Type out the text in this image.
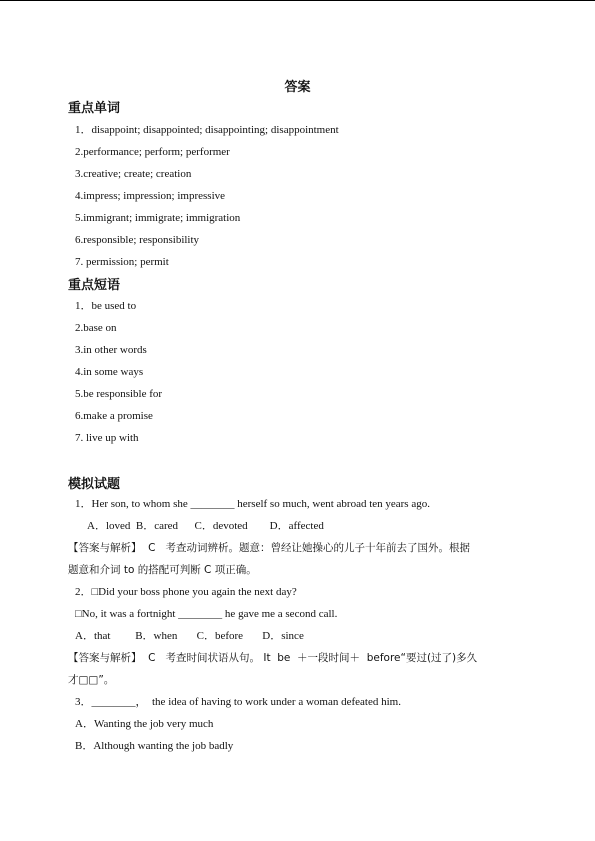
答案
重点单词
1．disappoint; disappointed; disappointing; disappointment
2.performance; perform; performer
3.creative; create; creation
4.impress; impression; impressive
5.immigrant; immigrate; immigration
6.responsible; responsibility
7. permission; permit
重点短语
1．be used to
2.base on
3.in other words
4.in some ways
5.be responsible for
6.make a promise
7. live up with
模拟试题
1．Her son, to whom she ________ herself so much, went abroad ten years ago.
A．loved  B．cared      C．devoted        D．affected
【答案与解析】  C   考查动词辨析。题意：曾经让她操心的儿子十年前去了国外。根据
题意和介词 to 的搭配可判断 C 项正确。
2．□Did your boss phone you again the next day?
□No, it was a fortnight ________ he gave me a second call.
A．that         B．when       C．before       D．since
【答案与解析】  C   考查时间状语从句。 It  be  ＋一段时间＋  before“要过(过了)多久
才□□”。
3．________，  the idea of having to work under a woman defeated him.
A．Wanting the job very much
B．Although wanting the job badly
